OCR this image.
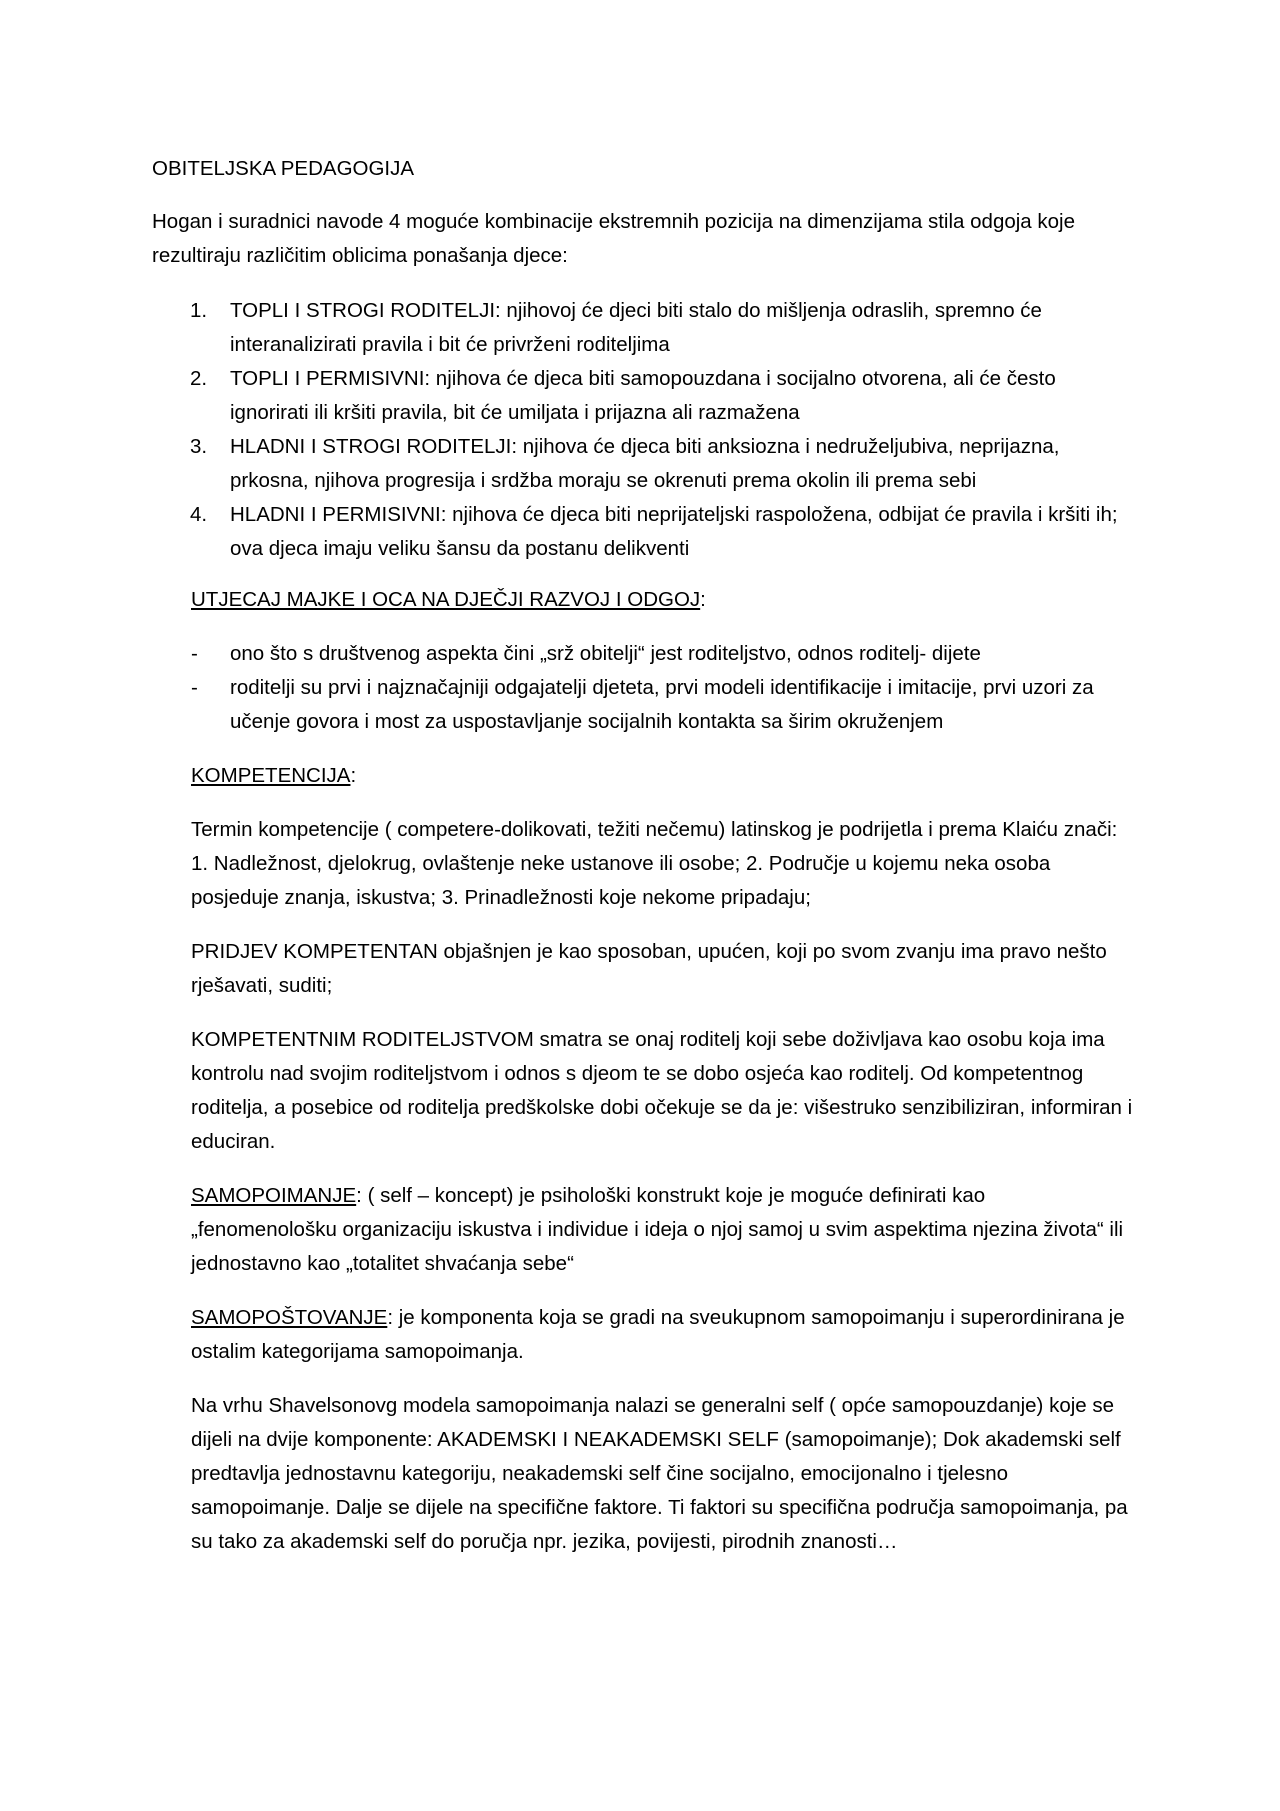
OBITELJSKA PEDAGOGIJA

Hogan i suradnici navode 4 moguće kombinacije ekstremnih pozicija na dimenzijama stila odgoja koje rezultiraju različitim oblicima ponašanja djece:

1. TOPLI I STROGI RODITELJI: njihovoj će djeci biti stalo do mišljenja odraslih, spremno će interanalizirati pravila i bit će privrženi roditeljima
2. TOPLI I PERMISIVNI: njihova će djeca biti samopouzdana i socijalno otvorena, ali će često ignorirati ili kršiti pravila, bit će umiljata i prijazna ali razmažena
3. HLADNI I STROGI RODITELJI: njihova će djeca biti anksiozna i nedruželjubiva, neprijazna, prkosna, njihova progresija i srdžba moraju se okrenuti prema okolin ili prema sebi
4. HLADNI I PERMISIVNI: njihova će djeca biti neprijateljski raspoložena, odbijat će pravila i kršiti ih; ova djeca imaju veliku šansu da postanu delikventi

UTJECAJ MAJKE I OCA NA DJEČJI RAZVOJ I ODGOJ:

- ono što s društvenog aspekta čini „srž obitelji“ jest roditeljstvo, odnos roditelj- dijete
- roditelji su prvi i najznačajniji odgajatelji djeteta, prvi modeli identifikacije i imitacije, prvi uzori za učenje govora i most za uspostavljanje socijalnih kontakta sa širim okruženjem

KOMPETENCIJA:

Termin kompetencije ( competere-dolikovati, težiti nečemu) latinskog je podrijetla i prema Klaiću znači: 1. Nadležnost, djelokrug, ovlaštenje neke ustanove ili osobe; 2. Područje u kojemu neka osoba posjeduje znanja, iskustva; 3. Prinadležnosti koje nekome pripadaju;

PRIDJEV KOMPETENTAN objašnjen je kao sposoban, upućen, koji po svom zvanju ima pravo nešto rješavati, suditi;

KOMPETENTNIM RODITELJSTVOM smatra se onaj roditelj koji sebe doživljava kao osobu koja ima kontrolu nad svojim roditeljstvom i odnos s djeom te se dobo osjeća kao roditelj. Od kompetentnog roditelja, a posebice od roditelja predškolske dobi očekuje se da je: višestruko senzibiliziran, informiran i educiran.

SAMOPOIMANJE: ( self – koncept) je psihološki konstrukt koje je moguće definirati kao „fenomenološku organizaciju iskustva i individue i ideja o njoj samoj u svim aspektima njezina života“ ili jednostavno kao „totalitet shvaćanja sebe“

SAMOPOŠTOVANJE: je komponenta koja se gradi na sveukupnom samopoimanju i superordinirana je ostalim kategorijama samopoimanja.

Na vrhu Shavelsonovg modela samopoimanja nalazi se generalni self ( opće samopouzdanje) koje se dijeli na dvije komponente: AKADEMSKI I NEAKADEMSKI SELF (samopoimanje); Dok akademski self predtavlja jednostavnu kategoriju, neakademski self čine socijalno, emocijonalno i tjelesno samopoimanje. Dalje se dijele na specifične faktore. Ti faktori su specifična područja samopoimanja, pa su tako za akademski self do poručja npr. jezika, povijesti, pirodnih znanosti…
